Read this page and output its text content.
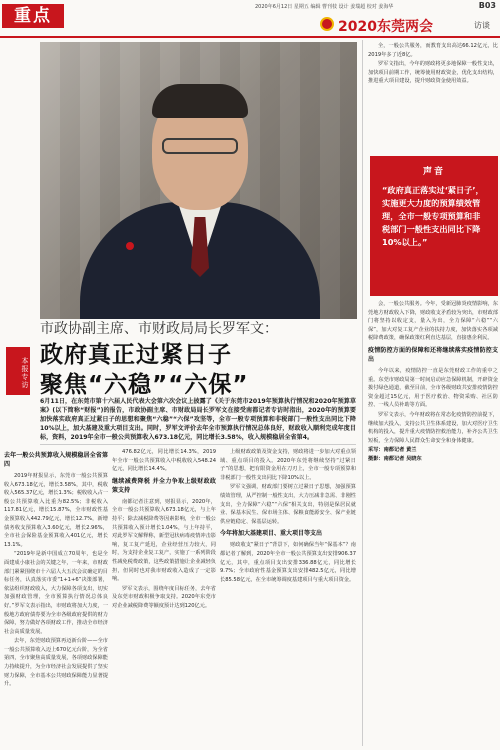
重点	2020年6月12日 星期五 编辑 曹刊枝 设计 姜瑞超 校对 姜海华	B03
2020东莞两会	访谈

全，一般公共服务，而教育支出高达66.12亿元，比2019年多了近8亿。

罗军文指出，今年的财政将更多地保障一般性支出，加快项目前期工作，统筹使用财政资金，优化支出结构，推进重大项目建设，提升财政资金使用效益。

声音
“政府真正落实过‘紧日子’，实施更大力度的预算绩效管理，全市一般专项预算和非税部门一般性支出同比下降10%以上。”
本报专访
市政协副主席、市财政局局长罗军文：
政府真正过紧日子
聚焦“六稳”“六保”
6月11日，在东莞市第十六届人民代表大会第六次会议上披露了《关于东莞市2019年预算执行情况和2020年预算草案》(以下简称“财报”)的报告，市政协副主席、市财政局局长罗军文在接受南都记者专访时指出，2020年的预算要加快落实政府真正过紧日子的思想和聚焦“六稳”“六保”攻坚等，全市一般专项预算和非税部门一般性支出同比下降10%以上，加大基建及重大项目支出。同时，罗军文评价去年全市预算执行情况总体良好，财政收入顺利完成年度目标，资料，2019年全市一般公共预算收入673.18亿元，同比增长3.58%，收入规模稳居全省第4。
去年一般公共预算收入规模稳居全省第四

2019年财报显示，东莞市一般公共预算收入673.18亿元，增长3.58%，其中，税收收入565.37亿元，增长1.3%；税收收入占一般公共预算收入比重为82.5%；非税收入117.81亿元，增长15.87%，全市财政性基金预算收入442.79亿元，增长12.7%，新增债务收支预算收入3.60亿元，增长2.96%，全市社会保险基金预算收入401亿元，增长13.1%。

“2019年是新中国成立70周年，也是全面建成小康社会的关键之年，一年来，市财政部门紧紧围绕市十六届人大五次会议确定的目标任务，认真落实市委“1+1+6”决策部署，依法组织财政收入，大力保障各项支出，切实加强财政管理，全市预算执行情况总体良好。”罗军文表示指出，市财政将加大力度，一般地方政府债券要为全市各级政府提供的财力保障，努力做好各项财政工作，推动全市经济社会高质量发展。

去年，东莞财政预算再迈新台阶——全市一般公共预算收入迈上670亿元台阶，为全省第四，全市聚焦高质量发展，各项财政保障能力持续提升，为全市经济社会发展提供了坚实财力保障，全市基本公共财政保障能力显著提升。

476.82亿元，同比增长14.3%，2019年全市一般公共预算收入中税收收入548.24亿元，同比增长14.4%。

继续减费降税 并全力争取上级财政政策支持

南都记者注意到，财报显示，2020年，全市一般公共预算收入673.18亿元，与上年持平；除去减税降费等因素影响，全市一般公共预算收入预计增长1.04%，与上年持平，对此罗军文解释称，新型冠状病毒疫情冲击影响，复工复产延迟，企业经营压力较大，同时，为支持企业复工复产，实施了一系列阶段性减免税费政策，这些政策措施让企业减轻负担，但同时也对我市财政收入造成了一定影响。

罗军文表示，围绕年度目标任务，去年省及东莞市财政积极争取支持。2020年东莞市对企业减税降费等额度预计达到120亿元。

上级财政政策及资金支持，财政将进一步加大对重点领域、重点项目的投入。2020年东莞将继续坚持“过紧日子”的思想，把有限资金用在刀刃上，全市一般专项预算和非税部门一般性支出同比下降10%以上。

罗军文强调，财政部门要树立过紧日子思想，加强预算绩效管理，从严控制一般性支出，大力压减非急需、非刚性支出，全力保障“六稳”“六保”相关支出，特别是保居民就业、保基本民生、保市场主体、保粮食能源安全、保产业链供应链稳定、保基层运转。

今年将加大基建项目、重大项目等支出

财政收支“紧日子”背景下，如何确保当年“保基本”？南都记者了解到，2020年全市一般公共预算支出安排906.37亿元，其中，重点项目支出安排336.88亿元，同比增长9.7%；全市政府性基金预算支出安排482.5亿元，同比增长85.58亿元，在全市统筹调度基建项目与重大项目资金。

会，一般公共服务。今年，受新冠肺炎疫情影响，东莞地方财政收入下降，财政收支矛盾较为突出，市财政部门将坚持以收定支，量入为出，全力保障“六稳”“六保”，加大对复工复产企业的扶持力度，加快落实各项减税降费政策，确保政策红利直达基层，直接惠企利民。

疫情防控方面的保障和还将继续落实疫情防控支出

今年以来，疫情防控一直是东莞财政工作的重中之重。东莞市财政局第一时间启动应急保障机制，开辟资金拨付绿色通道，截至目前，全市各级财政共安排疫情防控资金超过15亿元，用于医疗救治、物资采购、社区防控、一线人员补助等方面。

罗军文表示，今年财政将在常态化疫情防控前提下，继续加大投入，支持公共卫生体系建设，加大对医疗卫生机构的投入，提升重大疫情防控救治能力，补齐公共卫生短板，全力保障人民群众生命安全和身体健康。

采写：南都记者 黄兰
摄影：南都记者 吴晓东
